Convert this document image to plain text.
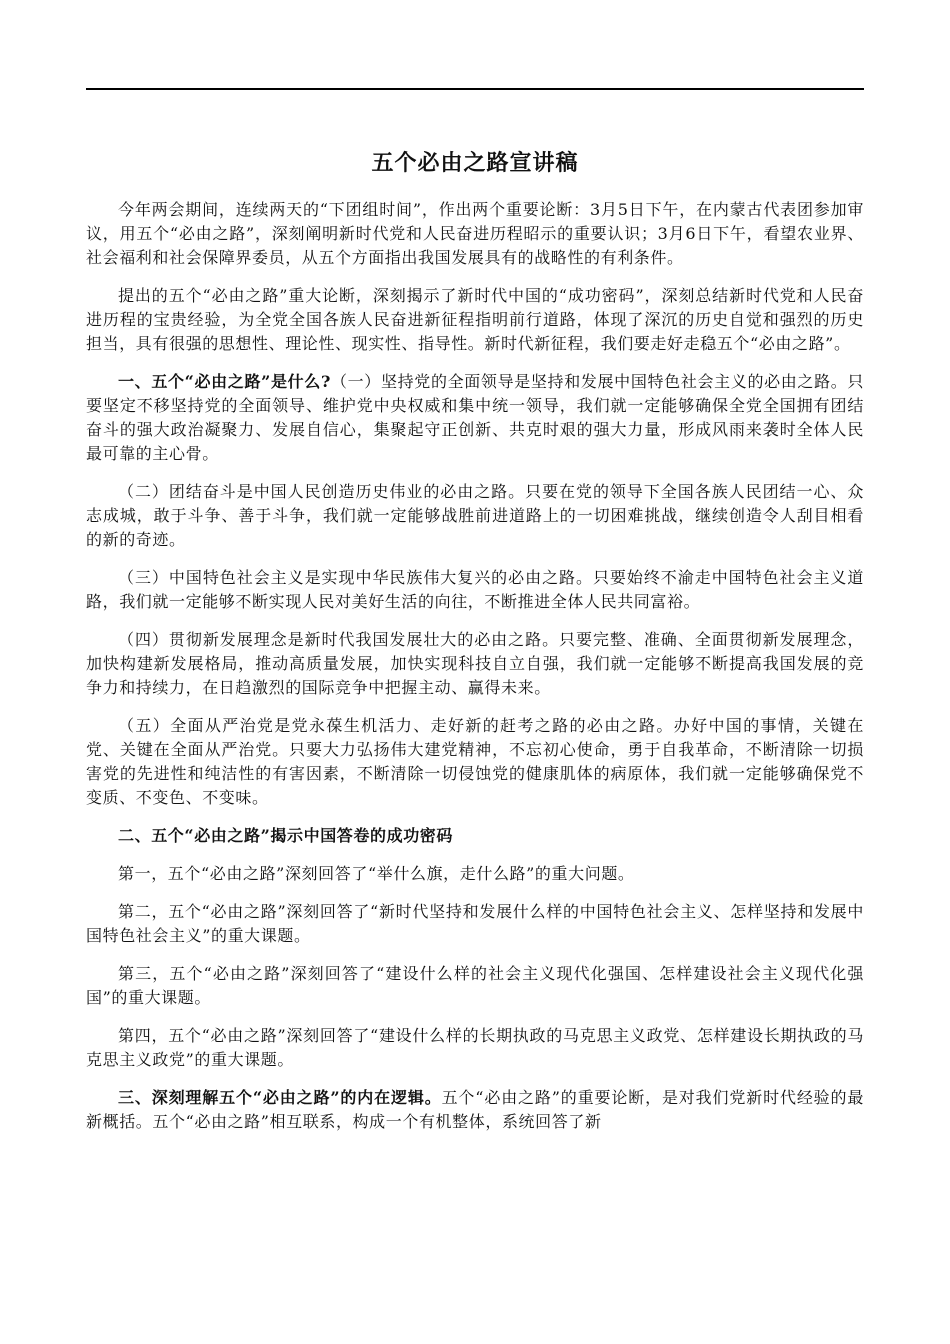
五个必由之路宣讲稿

今年两会期间，连续两天的“下团组时间”，作出两个重要论断：3月5日下午，在内蒙古代表团参加审议，用五个“必由之路”，深刻阐明新时代党和人民奋进历程昭示的重要认识；3月6日下午，看望农业界、社会福利和社会保障界委员，从五个方面指出我国发展具有的战略性的有利条件。

提出的五个“必由之路”重大论断，深刻揭示了新时代中国的“成功密码”，深刻总结新时代党和人民奋进历程的宝贵经验，为全党全国各族人民奋进新征程指明前行道路，体现了深沉的历史自觉和强烈的历史担当，具有很强的思想性、理论性、现实性、指导性。新时代新征程，我们要走好走稳五个“必由之路”。

一、五个“必由之路”是什么?（一）坚持党的全面领导是坚持和发展中国特色社会主义的必由之路。只要坚定不移坚持党的全面领导、维护党中央权威和集中统一领导，我们就一定能够确保全党全国拥有团结奋斗的强大政治凝聚力、发展自信心，集聚起守正创新、共克时艰的强大力量，形成风雨来袭时全体人民最可靠的主心骨。

（二）团结奋斗是中国人民创造历史伟业的必由之路。只要在党的领导下全国各族人民团结一心、众志成城，敢于斗争、善于斗争，我们就一定能够战胜前进道路上的一切困难挑战，继续创造令人刮目相看的新的奇迹。

（三）中国特色社会主义是实现中华民族伟大复兴的必由之路。只要始终不渝走中国特色社会主义道路，我们就一定能够不断实现人民对美好生活的向往，不断推进全体人民共同富裕。

（四）贯彻新发展理念是新时代我国发展壮大的必由之路。只要完整、准确、全面贯彻新发展理念，加快构建新发展格局，推动高质量发展，加快实现科技自立自强，我们就一定能够不断提高我国发展的竞争力和持续力，在日趋激烈的国际竞争中把握主动、赢得未来。

（五）全面从严治党是党永葆生机活力、走好新的赶考之路的必由之路。办好中国的事情，关键在党、关键在全面从严治党。只要大力弘扬伟大建党精神，不忘初心使命，勇于自我革命，不断清除一切损害党的先进性和纯洁性的有害因素，不断清除一切侵蚀党的健康肌体的病原体，我们就一定能够确保党不变质、不变色、不变味。

二、五个“必由之路”揭示中国答卷的成功密码

第一，五个“必由之路”深刻回答了“举什么旗，走什么路”的重大问题。

第二，五个“必由之路”深刻回答了“新时代坚持和发展什么样的中国特色社会主义、怎样坚持和发展中国特色社会主义”的重大课题。

第三，五个“必由之路”深刻回答了“建设什么样的社会主义现代化强国、怎样建设社会主义现代化强国”的重大课题。

第四，五个“必由之路”深刻回答了“建设什么样的长期执政的马克思主义政党、怎样建设长期执政的马克思主义政党”的重大课题。

三、深刻理解五个“必由之路”的内在逻辑。五个“必由之路”的重要论断，是对我们党新时代经验的最新概括。五个“必由之路”相互联系，构成一个有机整体，系统回答了新
